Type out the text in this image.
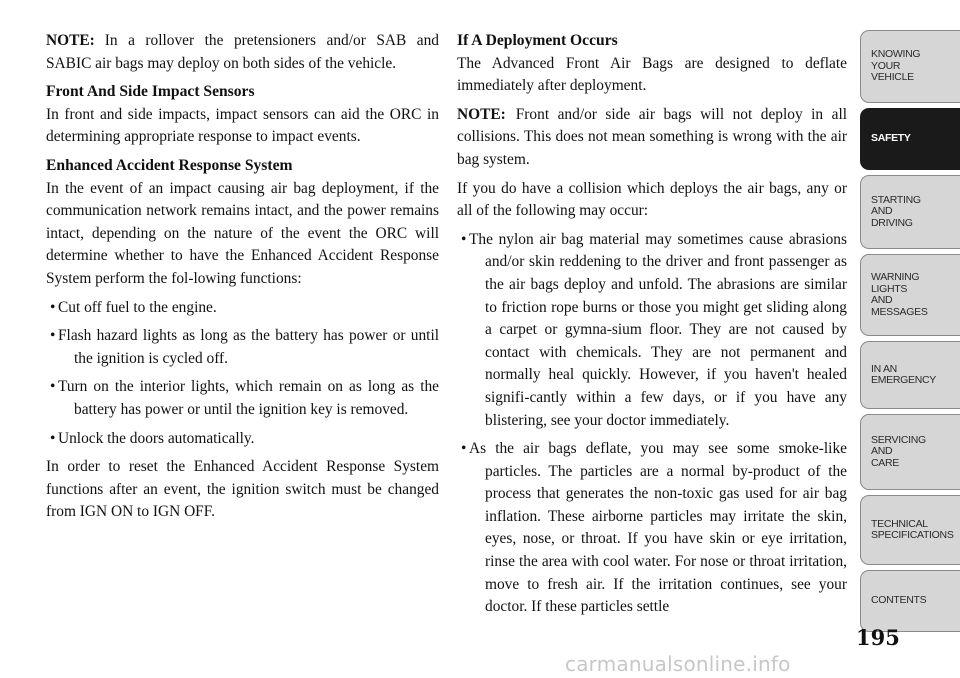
NOTE: In a rollover the pretensioners and/or SAB and SABIC air bags may deploy on both sides of the vehicle.

Front And Side Impact Sensors

In front and side impacts, impact sensors can aid the ORC in determining appropriate response to impact events.

Enhanced Accident Response System

In the event of an impact causing air bag deployment, if the communication network remains intact, and the power remains intact, depending on the nature of the event the ORC will determine whether to have the Enhanced Accident Response System perform the fol-lowing functions:

• Cut off fuel to the engine.
• Flash hazard lights as long as the battery has power or until the ignition is cycled off.
• Turn on the interior lights, which remain on as long as the battery has power or until the ignition key is removed.
• Unlock the doors automatically.

In order to reset the Enhanced Accident Response System functions after an event, the ignition switch must be changed from IGN ON to IGN OFF.

If A Deployment Occurs

The Advanced Front Air Bags are designed to deflate immediately after deployment.

NOTE: Front and/or side air bags will not deploy in all collisions. This does not mean something is wrong with the air bag system.

If you do have a collision which deploys the air bags, any or all of the following may occur:

• The nylon air bag material may sometimes cause abrasions and/or skin reddening to the driver and front passenger as the air bags deploy and unfold. The abrasions are similar to friction rope burns or those you might get sliding along a carpet or gymna-sium floor. They are not caused by contact with chemicals. They are not permanent and normally heal quickly. However, if you haven't healed signifi-cantly within a few days, or if you have any blistering, see your doctor immediately.
• As the air bags deflate, you may see some smoke-like particles. The particles are a normal by-product of the process that generates the non-toxic gas used for air bag inflation. These airborne particles may irritate the skin, eyes, nose, or throat. If you have skin or eye irritation, rinse the area with cool water. For nose or throat irritation, move to fresh air. If the irritation continues, see your doctor. If these particles settle
KNOWING
YOUR
VEHICLE
SAFETY
STARTING
AND
DRIVING
WARNING
LIGHTS
AND
MESSAGES
IN AN
EMERGENCY
SERVICING
AND
CARE
TECHNICAL
SPECIFICATIONS
CONTENTS
195
carmanualsonline.info
